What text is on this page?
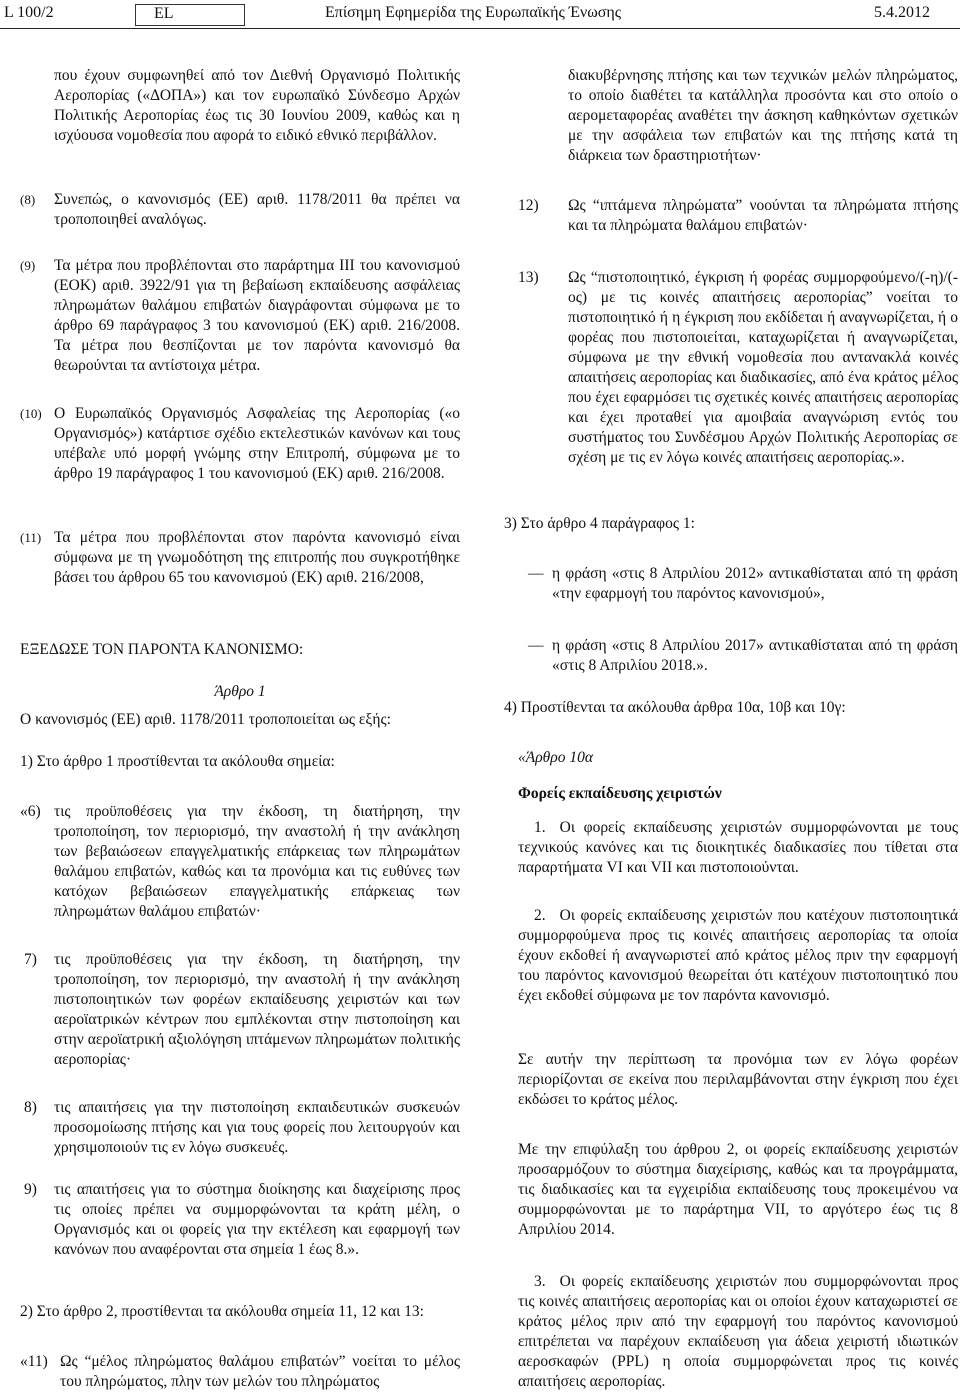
L 100/2	EL	Επίσημη Εφημερίδα της Ευρωπαϊκής Ένωσης	5.4.2012

που έχουν συμφωνηθεί από τον Διεθνή Οργανισμό Πολιτικής Αεροπορίας («ΔΟΠΑ») και τον ευρωπαϊκό Σύνδεσμο Αρχών Πολιτικής Αεροπορίας έως τις 30 Ιουνίου 2009, καθώς και η ισχύουσα νομοθεσία που αφορά το ειδικό εθνικό περιβάλλον.

(8) Συνεπώς, ο κανονισμός (ΕΕ) αριθ. 1178/2011 θα πρέπει να τροποποιηθεί αναλόγως.

(9) Τα μέτρα που προβλέπονται στο παράρτημα III του κανονισμού (ΕΟΚ) αριθ. 3922/91 για τη βεβαίωση εκπαίδευσης ασφάλειας πληρωμάτων θαλάμου επιβατών διαγράφονται σύμφωνα με το άρθρο 69 παράγραφος 3 του κανονισμού (ΕΚ) αριθ. 216/2008. Τα μέτρα που θεσπίζονται με τον παρόντα κανονισμό θα θεωρούνται τα αντίστοιχα μέτρα.

(10) Ο Ευρωπαϊκός Οργανισμός Ασφαλείας της Αεροπορίας («ο Οργανισμός») κατάρτισε σχέδιο εκτελεστικών κανόνων και τους υπέβαλε υπό μορφή γνώμης στην Επιτροπή, σύμφωνα με το άρθρο 19 παράγραφος 1 του κανονισμού (ΕΚ) αριθ. 216/2008.

(11) Τα μέτρα που προβλέπονται στον παρόντα κανονισμό είναι σύμφωνα με τη γνωμοδότηση της επιτροπής που συγκροτήθηκε βάσει του άρθρου 65 του κανονισμού (ΕΚ) αριθ. 216/2008,

ΕΞΕΔΩΣΕ ΤΟΝ ΠΑΡΟΝΤΑ ΚΑΝΟΝΙΣΜΟ:

Άρθρο 1

Ο κανονισμός (ΕΕ) αριθ. 1178/2011 τροποποιείται ως εξής:

1) Στο άρθρο 1 προστίθενται τα ακόλουθα σημεία:

«6) τις προϋποθέσεις για την έκδοση, τη διατήρηση, την τροποποίηση, τον περιορισμό, την αναστολή ή την ανάκληση των βεβαιώσεων επαγγελματικής επάρκειας των πληρωμάτων θαλάμου επιβατών, καθώς και τα προνόμια και τις ευθύνες των κατόχων βεβαιώσεων επαγγελματικής επάρκειας των πληρωμάτων θαλάμου επιβατών·

7) τις προϋποθέσεις για την έκδοση, τη διατήρηση, την τροποποίηση, τον περιορισμό, την αναστολή ή την ανάκληση πιστοποιητικών των φορέων εκπαίδευσης χειριστών και των αεροϊατρικών κέντρων που εμπλέκονται στην πιστοποίηση και στην αεροϊατρική αξιολόγηση ιπτάμενων πληρωμάτων πολιτικής αεροπορίας·

8) τις απαιτήσεις για την πιστοποίηση εκπαιδευτικών συσκευών προσομοίωσης πτήσης και για τους φορείς που λειτουργούν και χρησιμοποιούν τις εν λόγω συσκευές.

9) τις απαιτήσεις για το σύστημα διοίκησης και διαχείρισης προς τις οποίες πρέπει να συμμορφώνονται τα κράτη μέλη, ο Οργανισμός και οι φορείς για την εκτέλεση και εφαρμογή των κανόνων που αναφέρονται στα σημεία 1 έως 8.».

2) Στο άρθρο 2, προστίθενται τα ακόλουθα σημεία 11, 12 και 13:

«11) Ως “μέλος πληρώματος θαλάμου επιβατών” νοείται το μέλος του πληρώματος, πλην των μελών του πληρώματος

διακυβέρνησης πτήσης και των τεχνικών μελών πληρώματος, το οποίο διαθέτει τα κατάλληλα προσόντα και στο οποίο ο αερομεταφορέας αναθέτει την άσκηση καθηκόντων σχετικών με την ασφάλεια των επιβατών και της πτήσης κατά τη διάρκεια των δραστηριοτήτων·

12) Ως “ιπτάμενα πληρώματα” νοούνται τα πληρώματα πτήσης και τα πληρώματα θαλάμου επιβατών·

13) Ως “πιστοποιητικό, έγκριση ή φορέας συμμορφούμενο/(-η)/(-ος) με τις κοινές απαιτήσεις αεροπορίας” νοείται το πιστοποιητικό ή η έγκριση που εκδίδεται ή αναγνωρίζεται, ή ο φορέας που πιστοποιείται, καταχωρίζεται ή αναγνωρίζεται, σύμφωνα με την εθνική νομοθεσία που αντανακλά κοινές απαιτήσεις αεροπορίας και διαδικασίες, από ένα κράτος μέλος που έχει εφαρμόσει τις σχετικές κοινές απαιτήσεις αεροπορίας και έχει προταθεί για αμοιβαία αναγνώριση εντός του συστήματος του Συνδέσμου Αρχών Πολιτικής Αεροπορίας σε σχέση με τις εν λόγω κοινές απαιτήσεις αεροπορίας.».

3) Στο άρθρο 4 παράγραφος 1:

— η φράση «στις 8 Απριλίου 2012» αντικαθίσταται από τη φράση «την εφαρμογή του παρόντος κανονισμού»,

— η φράση «στις 8 Απριλίου 2017» αντικαθίσταται από τη φράση «στις 8 Απριλίου 2018.».

4) Προστίθενται τα ακόλουθα άρθρα 10α, 10β και 10γ:

«Άρθρο 10α

Φορείς εκπαίδευσης χειριστών

1. Οι φορείς εκπαίδευσης χειριστών συμμορφώνονται με τους τεχνικούς κανόνες και τις διοικητικές διαδικασίες που τίθεται στα παραρτήματα VI και VII και πιστοποιούνται.

2. Οι φορείς εκπαίδευσης χειριστών που κατέχουν πιστοποιητικά συμμορφούμενα προς τις κοινές απαιτήσεις αεροπορίας τα οποία έχουν εκδοθεί ή αναγνωριστεί από κράτος μέλος πριν την εφαρμογή του παρόντος κανονισμού θεωρείται ότι κατέχουν πιστοποιητικό που έχει εκδοθεί σύμφωνα με τον παρόντα κανονισμό.

Σε αυτήν την περίπτωση τα προνόμια των εν λόγω φορέων περιορίζονται σε εκείνα που περιλαμβάνονται στην έγκριση που έχει εκδώσει το κράτος μέλος.

Με την επιφύλαξη του άρθρου 2, οι φορείς εκπαίδευσης χειριστών προσαρμόζουν το σύστημα διαχείρισης, καθώς και τα προγράμματα, τις διαδικασίες και τα εγχειρίδια εκπαίδευσης τους προκειμένου να συμμορφώνονται με το παράρτημα VII, το αργότερο έως τις 8 Απριλίου 2014.

3. Οι φορείς εκπαίδευσης χειριστών που συμμορφώνονται προς τις κοινές απαιτήσεις αεροπορίας και οι οποίοι έχουν καταχωριστεί σε κράτος μέλος πριν από την εφαρμογή του παρόντος κανονισμού επιτρέπεται να παρέχουν εκπαίδευση για άδεια χειριστή ιδιωτικών αεροσκαφών (PPL) η οποία συμμορφώνεται προς τις κοινές απαιτήσεις αεροπορίας.
